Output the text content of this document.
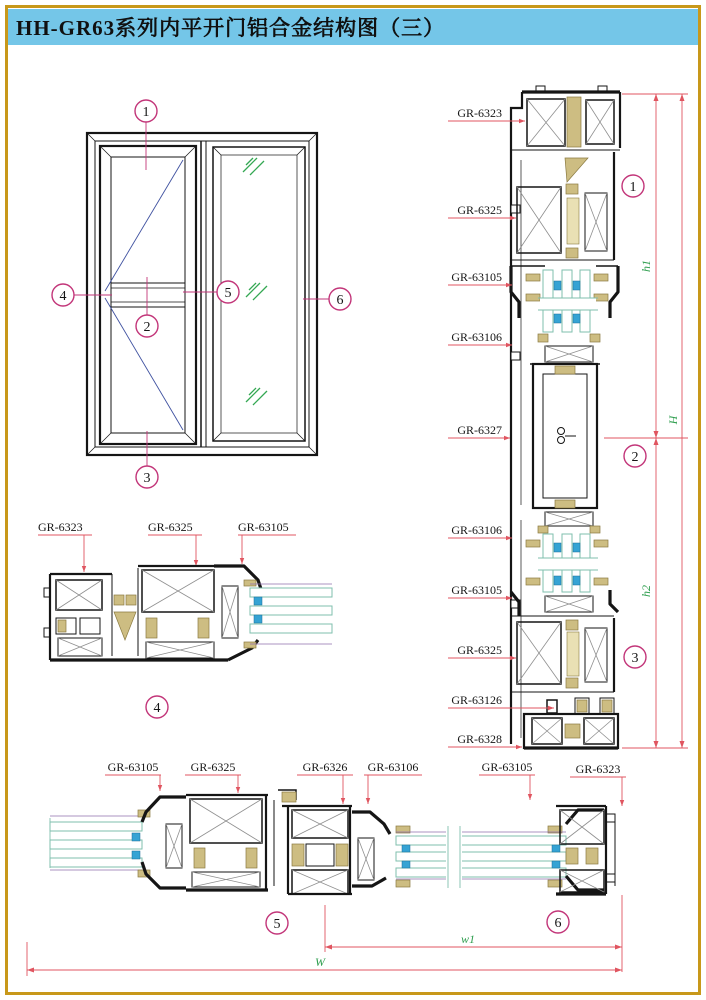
HH-GR63系列内平开门铝合金结构图（三）
1
2
3
4	5	6
GR-6323
GR-6325
GR-63105
GR-63106
GR-6327
GR-63106
GR-63105
GR-6325
GR-63126
GR-6328
h1
h2
H
1
2
3
GR-6323	GR-6325	GR-63105
4
GR-63105	GR-6325	GR-6326 GR-63106	GR-63105	GR-6323
5	6
w1
W
